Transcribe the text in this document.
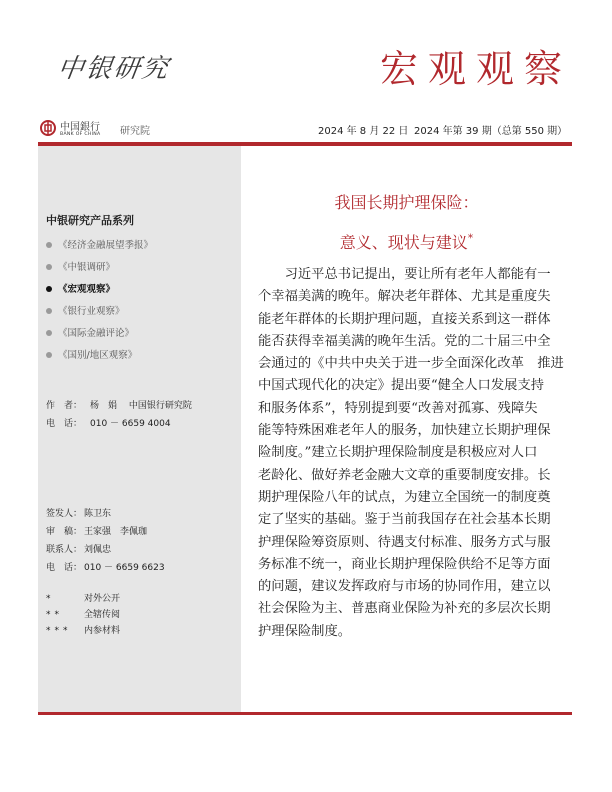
中银研究	宏观观察
中国銀行
BANK OF CHINA 研究院	2024 年 8 月 22 日 2024 年第 39 期（总第 550 期）
中银研究产品系列
《经济金融展望季报》
《中银调研》
《宏观观察》
《银行业观察》
《国际金融评论》
《国别/地区观察》
作　者： 杨　娟　 中国银行研究院
电　话： 010 － 6659 4004
签发人： 陈卫东
审　稿： 王家强　李佩珈
联系人： 刘佩忠
电　话： 010 － 6659 6623
*	对外公开
** 全辖传阅
*** 内参材料
我国长期护理保险：
意义、现状与建议*
　　习近平总书记提出，要让所有老年人都能有一
个幸福美满的晚年。解决老年群体、尤其是重度失
能老年群体的长期护理问题，直接关系到这一群体
能否获得幸福美满的晚年生活。党的二十届三中全
会通过的《中共中央关于进一步全面深化改革　推进
中国式现代化的决定》提出要“健全人口发展支持
和服务体系”，特别提到要“改善对孤寡、残障失
能等特殊困难老年人的服务，加快建立长期护理保
险制度。”建立长期护理保险制度是积极应对人口
老龄化、做好养老金融大文章的重要制度安排。长
期护理保险八年的试点，为建立全国统一的制度奠
定了坚实的基础。鉴于当前我国存在社会基本长期
护理保险筹资原则、待遇支付标准、服务方式与服
务标准不统一，商业长期护理保险供给不足等方面
的问题，建议发挥政府与市场的协同作用，建立以
社会保险为主、普惠商业保险为补充的多层次长期
护理保险制度。
